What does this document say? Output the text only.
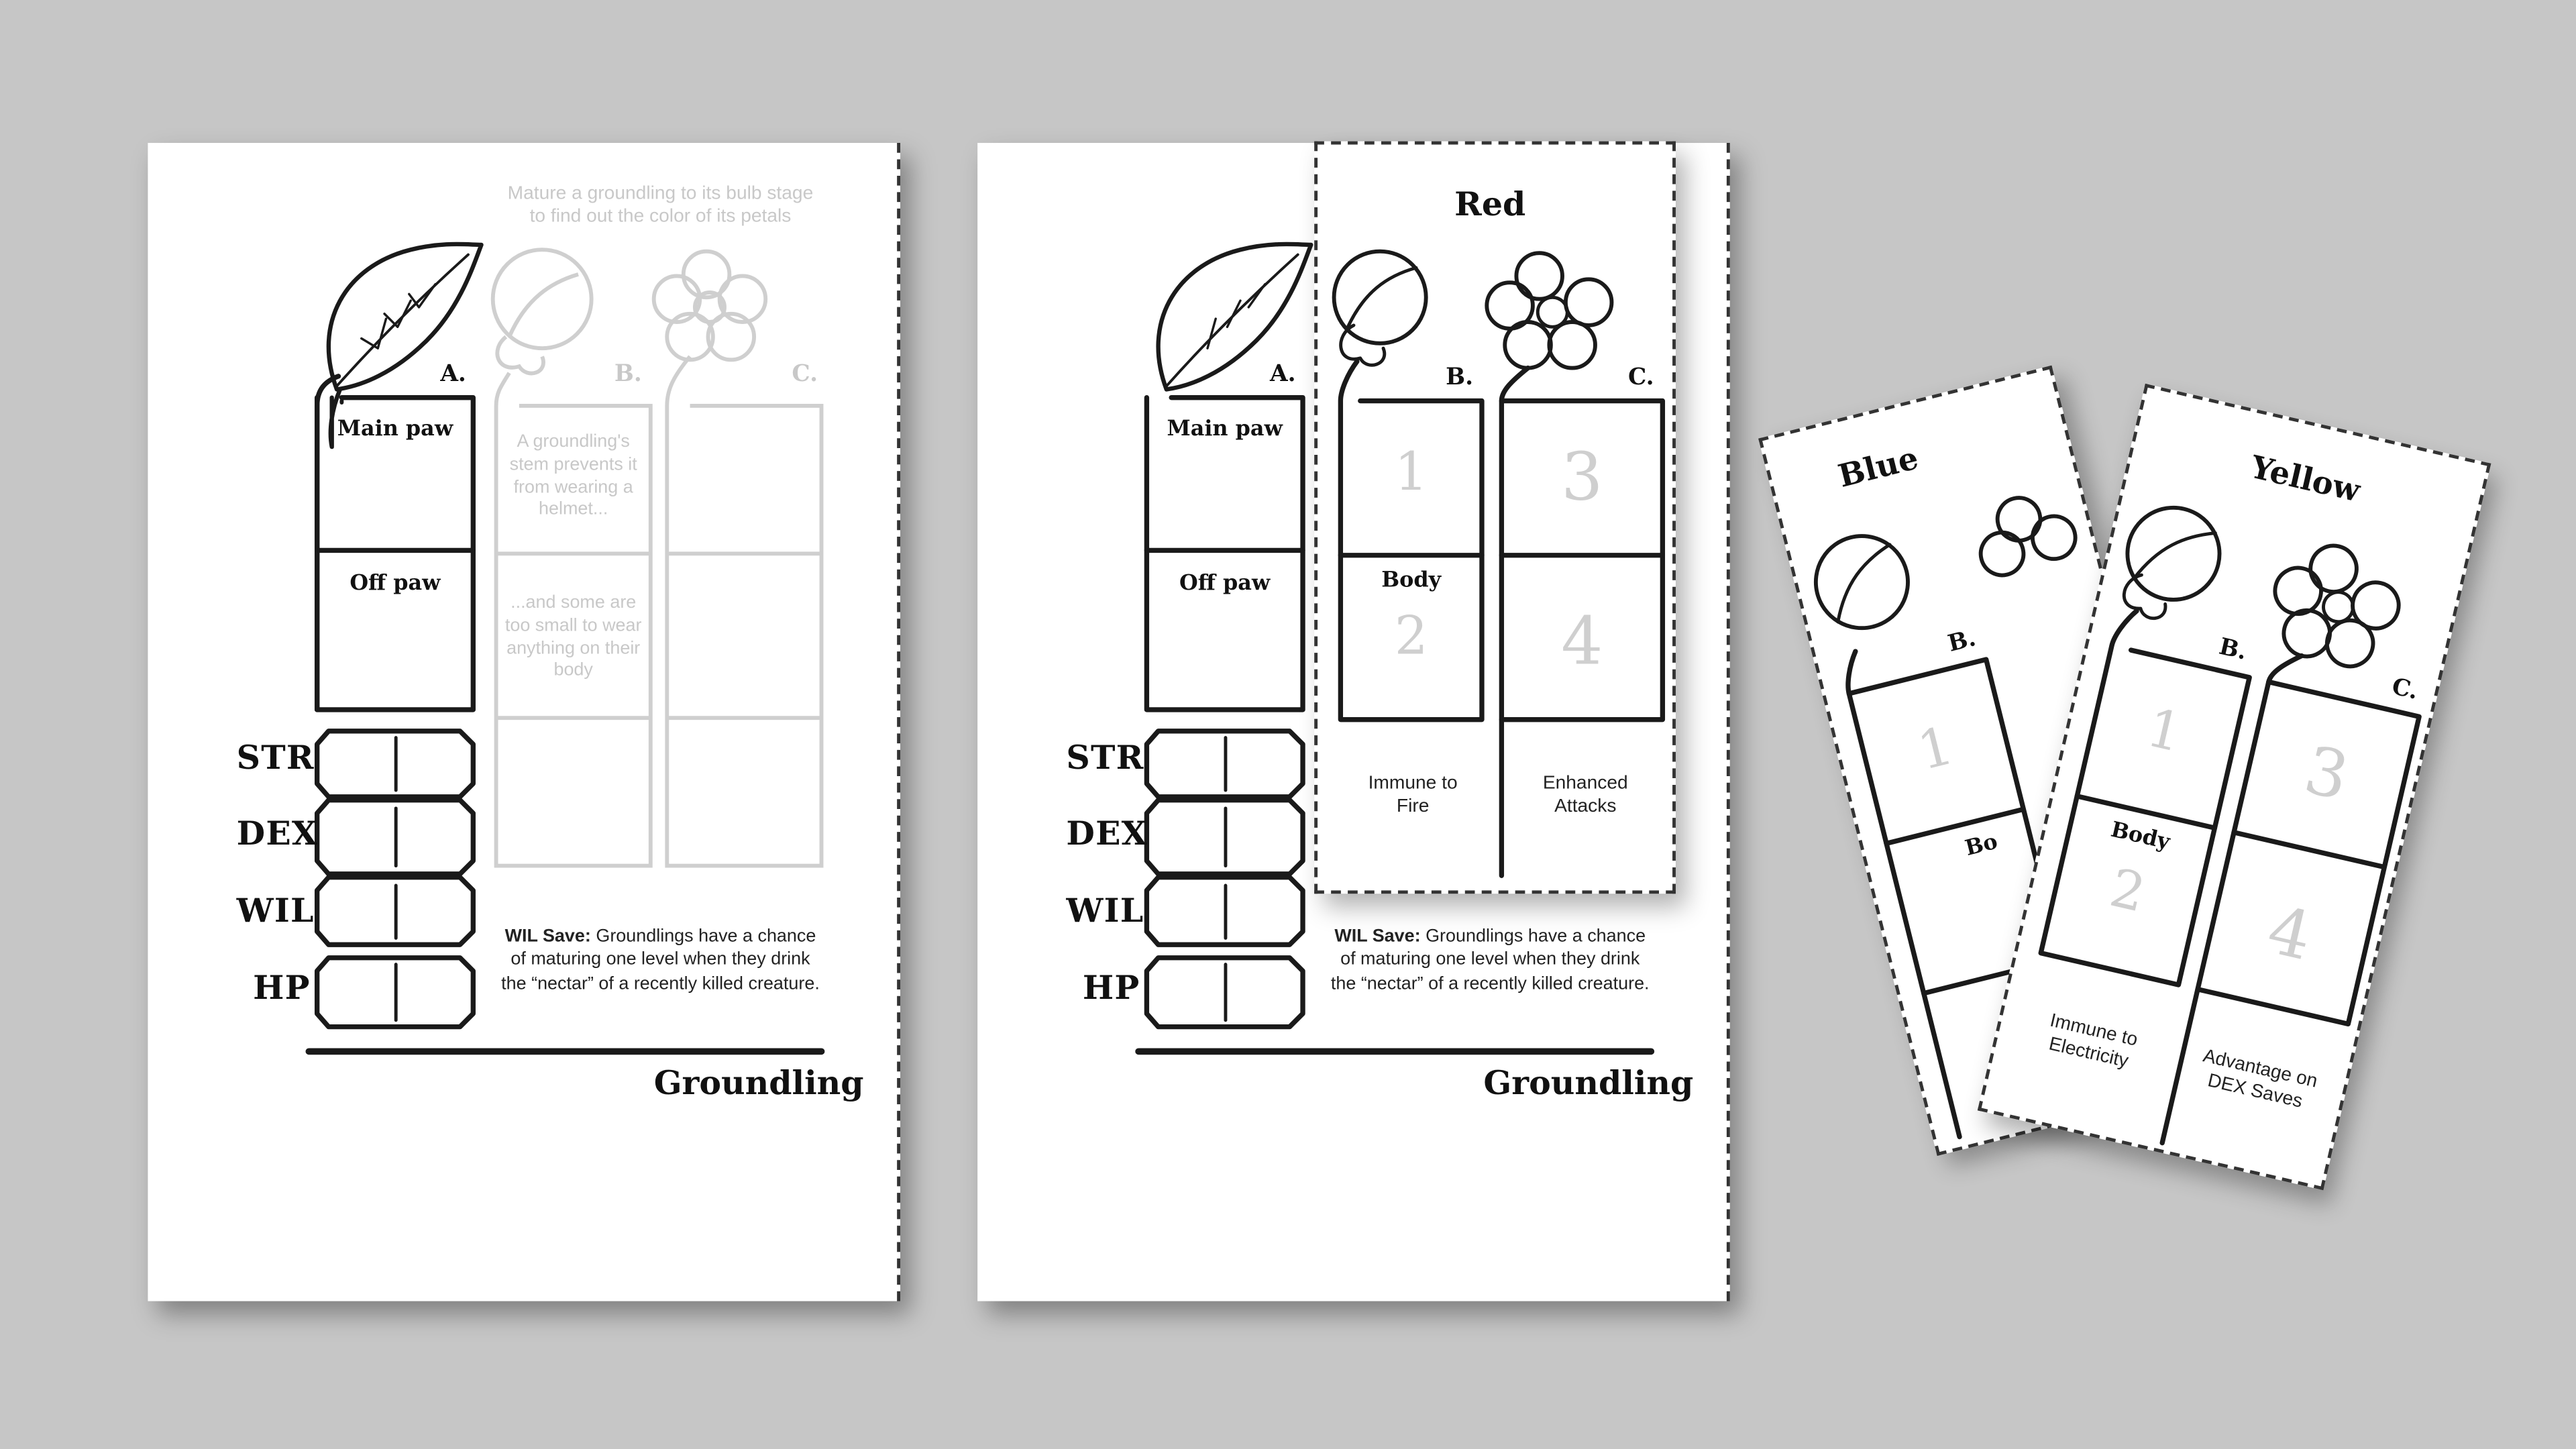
Mature a groundling to its bulb stage to find out the color of its petals
A.	B.	C.
Main paw
Off paw
A groundling's stem prevents it from wearing a helmet...
...and some are too small to wear anything on their body
STR
DEX
WIL
HP
WIL Save: Groundlings have a chance of maturing one level when they drink the “nectar” of a recently killed creature.
Groundling
A.
Main paw
Off paw
STR
DEX
WIL
HP
WIL Save: Groundlings have a chance of maturing one level when they drink the “nectar” of a recently killed creature.
Groundling
Red
B.	C.
1	3
Body
2	4
Immune to Fire
Enhanced Attacks
Blue
B.
1
Bo
Yellow
B.
C.
1
3
Body
2
4
Immune to Electricity	Advantage on DEX Saves
